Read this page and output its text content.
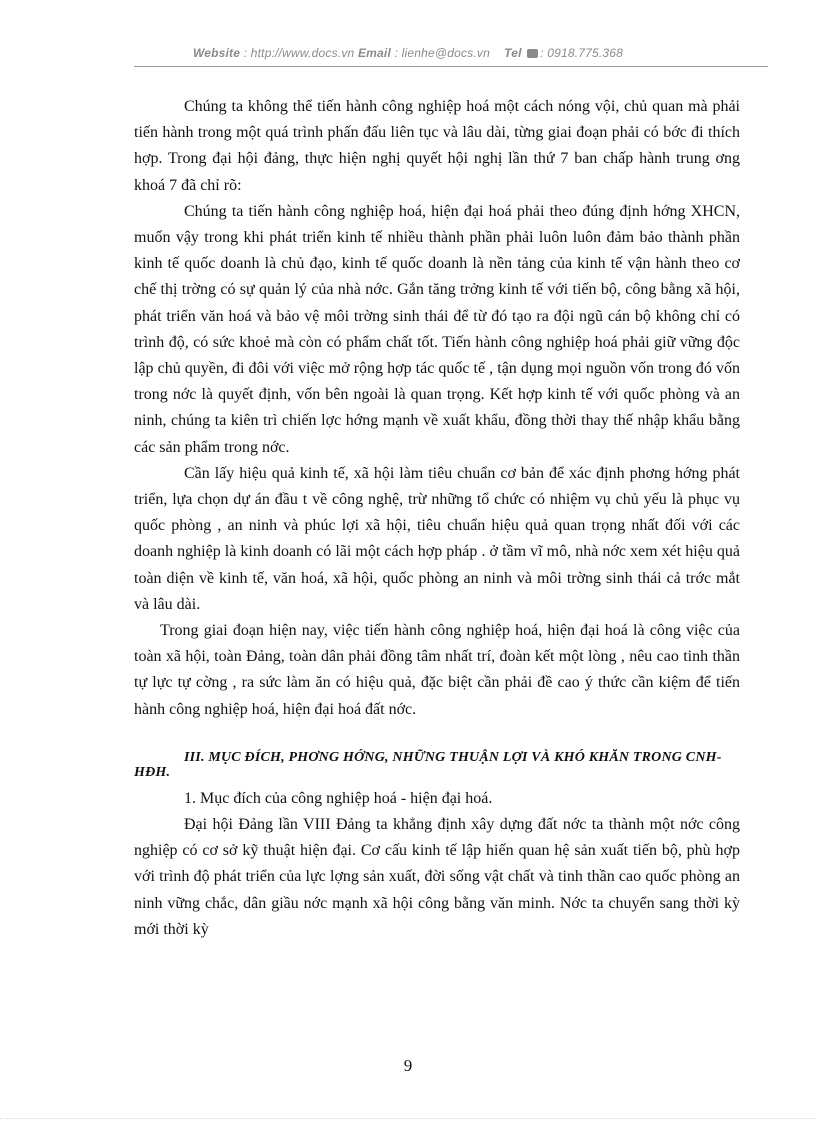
Website : http://www.docs.vn Email : lienhe@docs.vn Tel : 0918.775.368

Chúng ta không thể tiến hành công nghiệp hoá một cách nóng vội, chủ quan mà phải tiến hành trong một quá trình phấn đấu liên tục và lâu dài, từng giai đoạn phải có bớc đi thích hợp. Trong đại hội đảng, thực hiện nghị quyết hội nghị lần thứ 7 ban chấp hành trung ơng khoá 7 đã chỉ rõ:

Chúng ta tiến hành công nghiệp hoá, hiện đại hoá phải theo đúng định hớng XHCN, muốn vậy trong khi phát triển kinh tế nhiều thành phần phải luôn luôn đảm bảo thành phần kinh tế quốc doanh là chủ đạo, kinh tế quốc doanh là nền tảng của kinh tế vận hành theo cơ chế thị trờng có sự quản lý của nhà nớc. Gắn tăng trởng kinh tế với tiến bộ, công bằng xã hội, phát triển văn hoá và bảo vệ môi trờng sinh thái để từ đó tạo ra đội ngũ cán bộ không chỉ có trình độ, có sức khoẻ mà còn có phẩm chất tốt. Tiến hành công nghiệp hoá phải giữ vững độc lập chủ quyền, đi đôi với việc mở rộng hợp tác quốc tế , tận dụng mọi nguồn vốn trong đó vốn trong nớc là quyết định, vốn bên ngoài là quan trọng. Kết hợp kinh tế với quốc phòng và an ninh, chúng ta kiên trì chiến lợc hớng mạnh về xuất khẩu, đồng thời thay thế nhập khẩu bằng các sản phẩm trong nớc.

Cần lấy hiệu quả kinh tế, xã hội làm tiêu chuẩn cơ bản để xác định phơng hớng phát triển, lựa chọn dự án đầu t về công nghệ, trừ những tổ chức có nhiệm vụ chủ yếu là phục vụ quốc phòng , an ninh và phúc lợi xã hội, tiêu chuẩn hiệu quả quan trọng nhất đối với các doanh nghiệp là kinh doanh có lãi một cách hợp pháp . ở tầm vĩ mô, nhà nớc xem xét hiệu quả toàn diện về kinh tế, văn hoá, xã hội, quốc phòng an ninh và môi trờng sinh thái cả trớc mắt và lâu dài.

Trong giai đoạn hiện nay, việc tiến hành công nghiệp hoá, hiện đại hoá là công việc của toàn xã hội, toàn Đảng, toàn dân phải đồng tâm nhất trí, đoàn kết một lòng , nêu cao tinh thần tự lực tự cờng , ra sức làm ăn có hiệu quả, đặc biệt cần phải đề cao ý thức cần kiệm để tiến hành công nghiệp hoá, hiện đại hoá đất nớc.

III. MỤC ĐÍCH, PHƠNG HỚNG, NHỮNG THUẬN LỢI VÀ KHÓ KHĂN TRONG CNH-HĐH.

1. Mục đích của công nghiệp hoá - hiện đại hoá.

Đại hội Đảng lần VIII Đảng ta khẳng định xây dựng đất nớc ta thành một nớc công nghiệp có cơ sở kỹ thuật hiện đại. Cơ cấu kinh tế lập hiến quan hệ sản xuất tiến bộ, phù hợp với trình độ phát triển của lực lợng sản xuất, đời sống vật chất và tinh thần cao quốc phòng an ninh vững chắc, dân giầu nớc mạnh xã hội công bằng văn minh. Nớc ta chuyển sang thời kỳ mới thời kỳ

9
